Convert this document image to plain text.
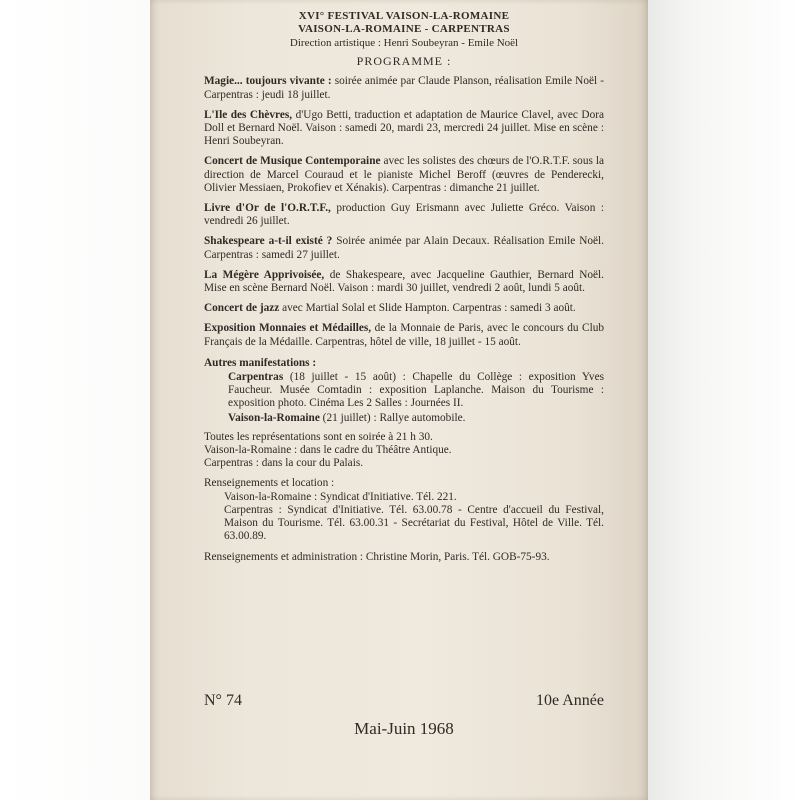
XVI° FESTIVAL VAISON-LA-ROMAINE
VAISON-LA-ROMAINE - CARPENTRAS
Direction artistique : Henri Soubeyran - Emile Noël
PROGRAMME :
Magie... toujours vivante : soirée animée par Claude Planson, réalisation Emile Noël - Carpentras : jeudi 18 juillet.
L'Ile des Chèvres, d'Ugo Betti, traduction et adaptation de Maurice Clavel, avec Dora Doll et Bernard Noël. Vaison : samedi 20, mardi 23, mercredi 24 juillet. Mise en scène : Henri Soubeyran.
Concert de Musique Contemporaine avec les solistes des chœurs de l'O.R.T.F. sous la direction de Marcel Couraud et le pianiste Michel Beroff (œuvres de Penderecki, Olivier Messiaen, Prokofiev et Xénakis). Carpentras : dimanche 21 juillet.
Livre d'Or de l'O.R.T.F., production Guy Erismann avec Juliette Gréco. Vaison : vendredi 26 juillet.
Shakespeare a-t-il existé ? Soirée animée par Alain Decaux. Réalisation Emile Noël. Carpentras : samedi 27 juillet.
La Mégère Apprivoisée, de Shakespeare, avec Jacqueline Gauthier, Bernard Noël. Mise en scène Bernard Noël. Vaison : mardi 30 juillet, vendredi 2 août, lundi 5 août.
Concert de jazz avec Martial Solal et Slide Hampton. Carpentras : samedi 3 août.
Exposition Monnaies et Médailles, de la Monnaie de Paris, avec le concours du Club Français de la Médaille. Carpentras, hôtel de ville, 18 juillet - 15 août.
Autres manifestations :
Carpentras (18 juillet - 15 août) : Chapelle du Collège : exposition Yves Faucheur. Musée Comtadin : exposition Laplanche. Maison du Tourisme : exposition photo. Cinéma Les 2 Salles : Journées II.
Vaison-la-Romaine (21 juillet) : Rallye automobile.
Toutes les représentations sont en soirée à 21 h 30.
Vaison-la-Romaine : dans le cadre du Théâtre Antique.
Carpentras : dans la cour du Palais.
Renseignements et location :
Vaison-la-Romaine : Syndicat d'Initiative. Tél. 221.
Carpentras : Syndicat d'Initiative. Tél. 63.00.78 - Centre d'accueil du Festival, Maison du Tourisme. Tél. 63.00.31 - Secrétariat du Festival, Hôtel de Ville. Tél. 63.00.89.
Renseignements et administration : Christine Morin, Paris. Tél. GOB-75-93.
N° 74	10e Année
Mai-Juin 1968
